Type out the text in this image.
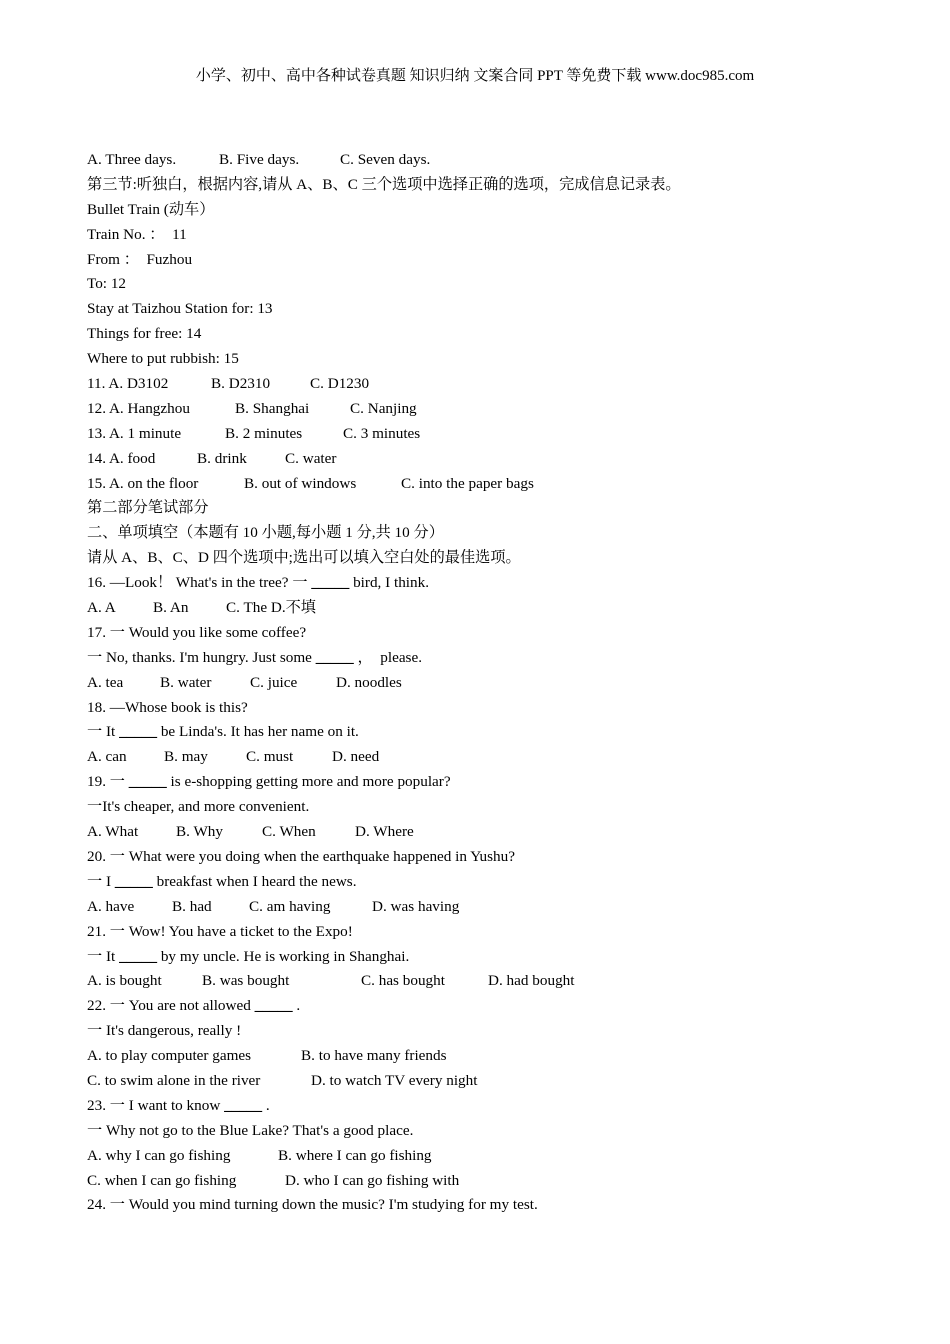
小学、初中、高中各种试卷真题 知识归纳 文案合同 PPT 等免费下载 www.doc985.com
A. Three days.	B. Five days.	C. Seven days.
第三节:听独白，根据内容,请从 A、B、C 三个选项中选择正确的选项，完成信息记录表。
Bullet Train (动车）
Train No. ：  11
From ：  Fuzhou
To: 12
Stay at Taizhou Station for: 13
Things for free: 14
Where to put rubbish: 15
11. A. D3102	B. D2310	C. D1230
12. A. Hangzhou	B. Shanghai	C. Nanjing
13. A. 1 minute	B. 2 minutes	C. 3 minutes
14. A. food	B. drink	C. water
15. A. on the floor	B. out of windows	C. into the paper bags
第二部分笔试部分
二、单项填空（本题有 10 小题,每小题 1 分,共 10 分）
请从 A、B、C、D 四个选项中;选出可以填入空白处的最佳选项。
16. —Look！ What's in the tree? 一 _____ bird, I think.
A. A B. An C. The D.不填
17. 一 Would you like some coffee?
一 No, thanks. I'm hungry. Just some _____ ，  please.
A. tea B. water	C. juice	D. noodles
18. —Whose book is this?
一 It _____ be Linda's. It has her name on it.
A. can B. may	C. must	D. need
19. 一 _____ is e-shopping getting more and more popular?
一It's cheaper, and more convenient.
A. What B. Why	C. When	D. Where
20. 一 What were you doing when the earthquake happened in Yushu?
一 I _____ breakfast when I heard the news.
A. have B. had C. am having	D. was having
21. 一 Wow! You have a ticket to the Expo!
一 It _____ by my uncle. He is working in Shanghai.
A. is bought	B. was bought	C. has bought	D. had bought
22. 一 You are not allowed _____ .
一 It's dangerous, really !
A. to play computer games	B. to have many friends
C. to swim alone in the river	D. to watch TV every night
23. 一 I want to know _____ .
一 Why not go to the Blue Lake? That's a good place.
A. why I can go fishing	B. where I can go fishing
C. when I can go fishing	D. who I can go fishing with
24. 一 Would you mind turning down the music? I'm studying for my test.
